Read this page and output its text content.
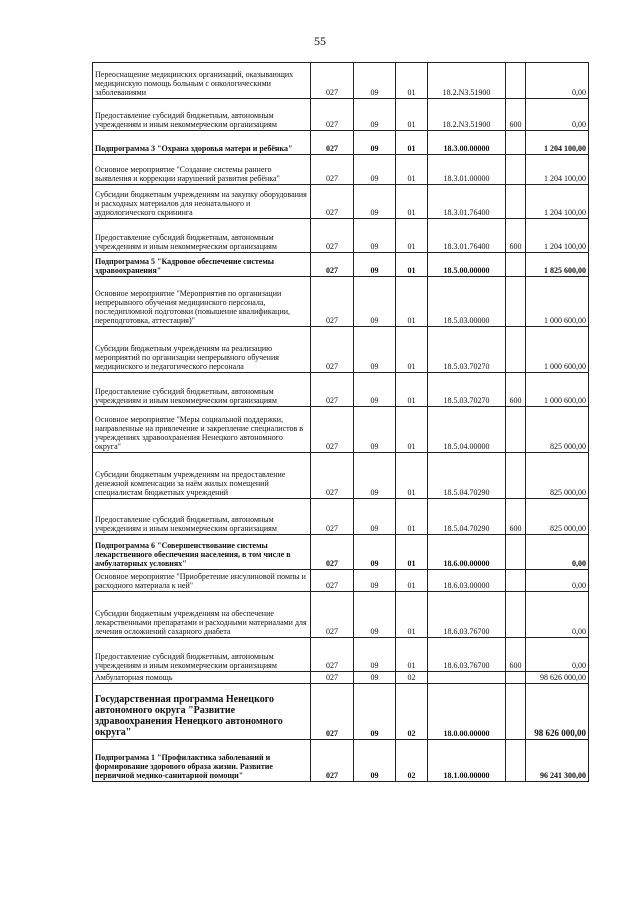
55
Переоснащение медицинских организаций, оказывающих медицинскую помощь больным с онкологическими заболеваниями	027	09	01	18.2.N3.51900		0,00
Предоставление субсидий бюджетным, автономным учреждениям и иным некоммерческим организациям	027	09	01	18.2.N3.51900	600	0,00
Подпрограмма 3 "Охрана здоровья матери и ребёнка"	027	09	01	18.3.00.00000		1 204 100,00
Основное мероприятие "Создание системы раннего выявления и коррекции нарушений развития ребёнка"	027	09	01	18.3.01.00000		1 204 100,00
Субсидии бюджетным учреждениям на закупку оборудования и расходных материалов для неонатального и аудиологического скрининга	027	09	01	18.3.01.76400		1 204 100,00
Предоставление субсидий бюджетным, автономным учреждениям и иным некоммерческим организациям	027	09	01	18.3.01.76400	600	1 204 100,00
Подпрограмма 5 "Кадровое обеспечение системы здравоохранения"	027	09	01	18.5.00.00000		1 825 600,00
Основное мероприятие "Мероприятия по организации непрерывного обучения медицинского персонала, последипломной подготовки (повышение квалификации, переподготовка, аттестация)"	027	09	01	18.5.03.00000		1 000 600,00
Субсидии бюджетным учреждениям на реализацию мероприятий по организации непрерывного обучения медицинского и педагогического персонала	027	09	01	18.5.03.70270		1 000 600,00
Предоставление субсидий бюджетным, автономным учреждениям и иным некоммерческим организациям	027	09	01	18.5.03.70270	600	1 000 600,00
Основное мероприятие "Меры социальной поддержки, направленные на привлечение и закрепление специалистов в учреждениях здравоохранения Ненецкого автономного округа"	027	09	01	18.5.04.00000		825 000,00
Субсидии бюджетным учреждениям на предоставление денежной компенсации за наём жилых помещений специалистам бюджетных учреждений	027	09	01	18.5.04.70290		825 000,00
Предоставление субсидий бюджетным, автономным учреждениям и иным некоммерческим организациям	027	09	01	18.5.04.70290	600	825 000,00
Подпрограмма 6 "Совершенствование системы лекарственного обеспечения населения, в том числе в амбулаторных условиях"	027	09	01	18.6.00.00000		0,00
Основное мероприятие "Приобретение инсулиновой помпы и расходного материала к ней"	027	09	01	18.6.03.00000		0,00
Субсидии бюджетным учреждениям на обеспечение лекарственными препаратами и расходными материалами для лечения осложнений сахарного диабета	027	09	01	18.6.03.76700		0,00
Предоставление субсидий бюджетным, автономным учреждениям и иным некоммерческим организациям	027	09	01	18.6.03.76700	600	0,00
Амбулаторная помощь	027	09	02			98 626 000,00
Государственная программа Ненецкого автономного округа "Развитие здравоохранения Ненецкого автономного округа"	027	09	02	18.0.00.00000		98 626 000,00
Подпрограмма 1 "Профилактика заболеваний и формирование здорового образа жизни. Развитие первичной медико-санитарной помощи"	027	09	02	18.1.00.00000		96 241 300,00
